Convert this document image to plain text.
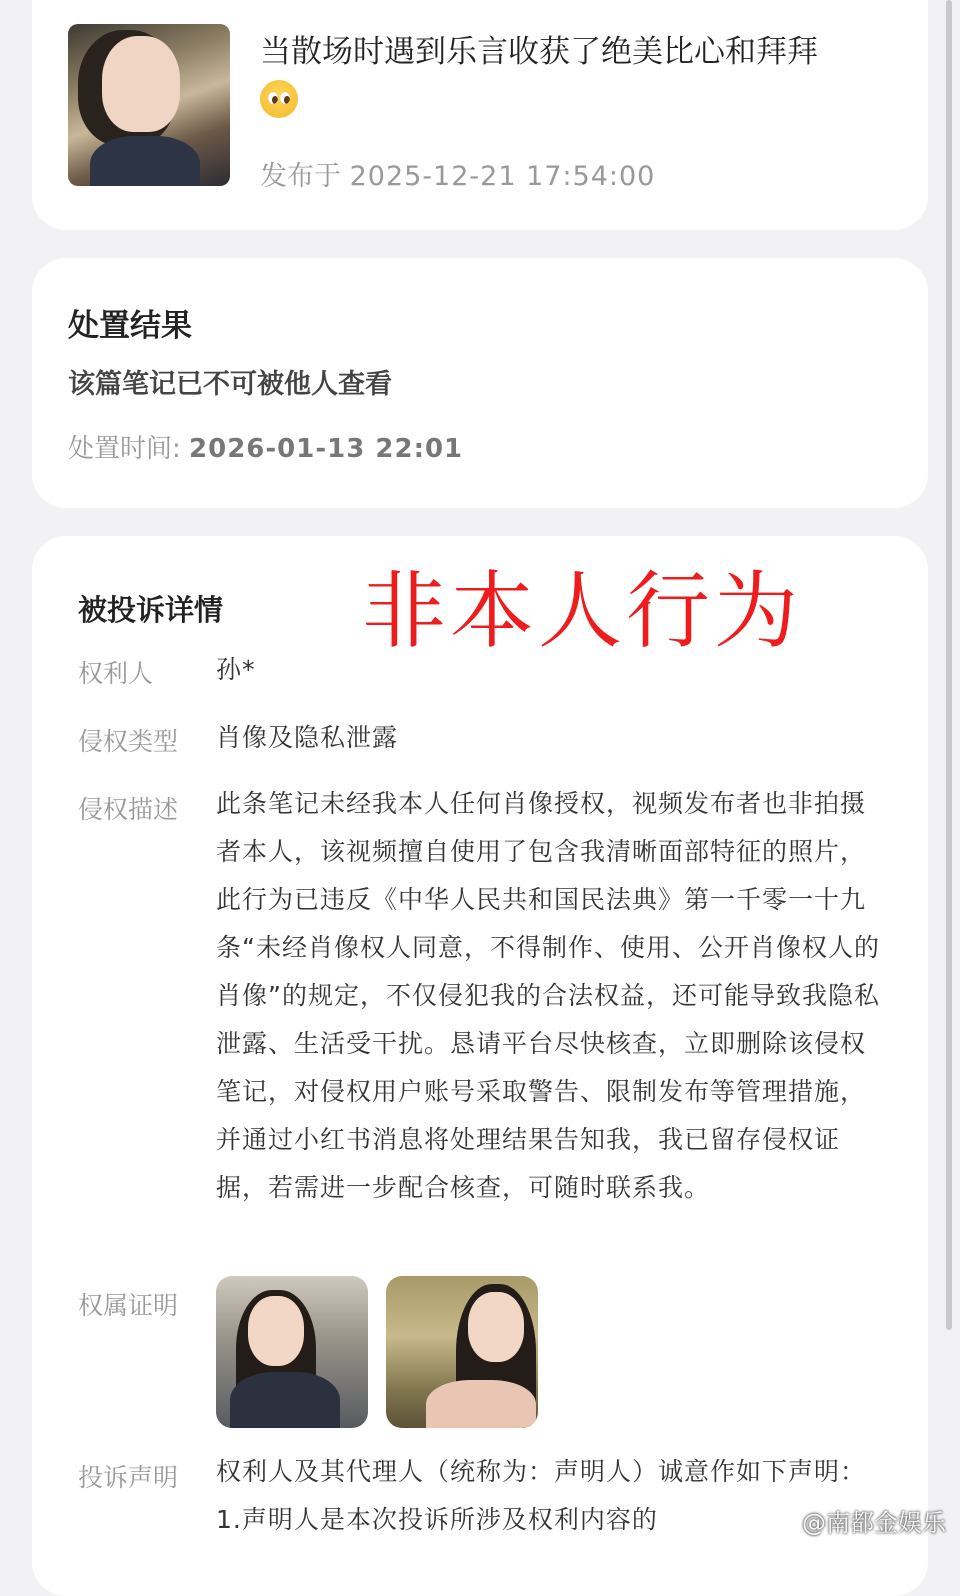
当散场时遇到乐言收获了绝美比心和拜拜
发布于 2025-12-21 17:54:00
处置结果
该篇笔记已不可被他人查看
处置时间: 2026-01-13 22:01
非本人行为
被投诉详情
权利人	孙*
侵权类型 肖像及隐私泄露
侵权描述 此条笔记未经我本人任何肖像授权，视频发布者也非拍摄者本人，该视频擅自使用了包含我清晰面部特征的照片，此行为已违反《中华人民共和国民法典》第一千零一十九条“未经肖像权人同意，不得制作、使用、公开肖像权人的肖像”的规定，不仅侵犯我的合法权益，还可能导致我隐私泄露、生活受干扰。恳请平台尽快核查，立即删除该侵权笔记，对侵权用户账号采取警告、限制发布等管理措施，并通过小红书消息将处理结果告知我，我已留存侵权证据，若需进一步配合核查，可随时联系我。
权属证明
投诉声明 权利人及其代理人（统称为：声明人）诚意作如下声明：1.声明人是本次投诉所涉及权利内容的
@南都金娱乐
